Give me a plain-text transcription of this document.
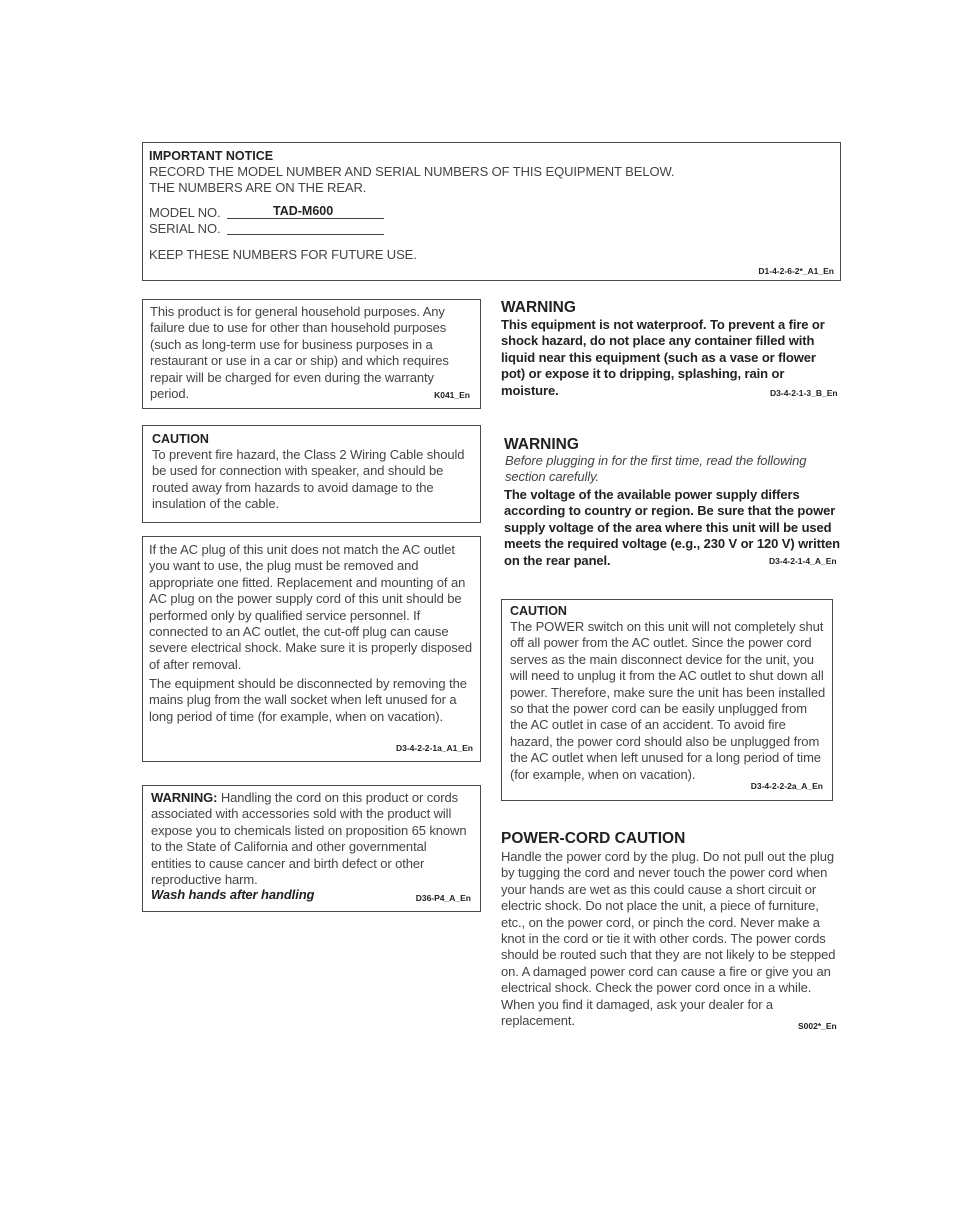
IMPORTANT NOTICE
RECORD THE MODEL NUMBER AND SERIAL NUMBERS OF THIS EQUIPMENT BELOW.
THE NUMBERS ARE ON THE REAR.
MODEL NO.	TAD-M600
SERIAL NO.
KEEP THESE NUMBERS FOR FUTURE USE.
D1-4-2-6-2*_A1_En
This product is for general household purposes. Any failure due to use for other than household purposes (such as long-term use for business purposes in a restaurant or use in a car or ship) and which requires repair will be charged for even during the warranty period.	K041_En
CAUTION
To prevent fire hazard, the Class 2 Wiring Cable should be used for connection with speaker, and should be routed away from hazards to avoid damage to the insulation of the cable.
If the AC plug of this unit does not match the AC outlet you want to use, the plug must be removed and appropriate one fitted. Replacement and mounting of an AC plug on the power supply cord of this unit should be performed only by qualified service personnel. If connected to an AC outlet, the cut-off plug can cause severe electrical shock. Make sure it is properly disposed of after removal.
The equipment should be disconnected by removing the mains plug from the wall socket when left unused for a long period of time (for example, when on vacation).
D3-4-2-2-1a_A1_En
WARNING: Handling the cord on this product or cords associated with accessories sold with the product will expose you to chemicals listed on proposition 65 known to the State of California and other governmental entities to cause cancer and birth defect or other reproductive harm.
Wash hands after handling	D36-P4_A_En
WARNING
This equipment is not waterproof. To prevent a fire or shock hazard, do not place any container filled with liquid near this equipment (such as a vase or flower pot) or expose it to dripping, splashing, rain or moisture.	D3-4-2-1-3_B_En
WARNING
Before plugging in for the first time, read the following section carefully.
The voltage of the available power supply differs according to country or region. Be sure that the power supply voltage of the area where this unit will be used meets the required voltage (e.g., 230 V or 120 V) written on the rear panel.	D3-4-2-1-4_A_En
CAUTION
The POWER switch on this unit will not completely shut off all power from the AC outlet. Since the power cord serves as the main disconnect device for the unit, you will need to unplug it from the AC outlet to shut down all power. Therefore, make sure the unit has been installed so that the power cord can be easily unplugged from the AC outlet in case of an accident. To avoid fire hazard, the power cord should also be unplugged from the AC outlet when left unused for a long period of time (for example, when on vacation).
D3-4-2-2-2a_A_En
POWER-CORD CAUTION
Handle the power cord by the plug. Do not pull out the plug by tugging the cord and never touch the power cord when your hands are wet as this could cause a short circuit or electric shock. Do not place the unit, a piece of furniture, etc., on the power cord, or pinch the cord. Never make a knot in the cord or tie it with other cords. The power cords should be routed such that they are not likely to be stepped on. A damaged power cord can cause a fire or give you an electrical shock. Check the power cord once in a while. When you find it damaged, ask your dealer for a replacement.	S002*_En
